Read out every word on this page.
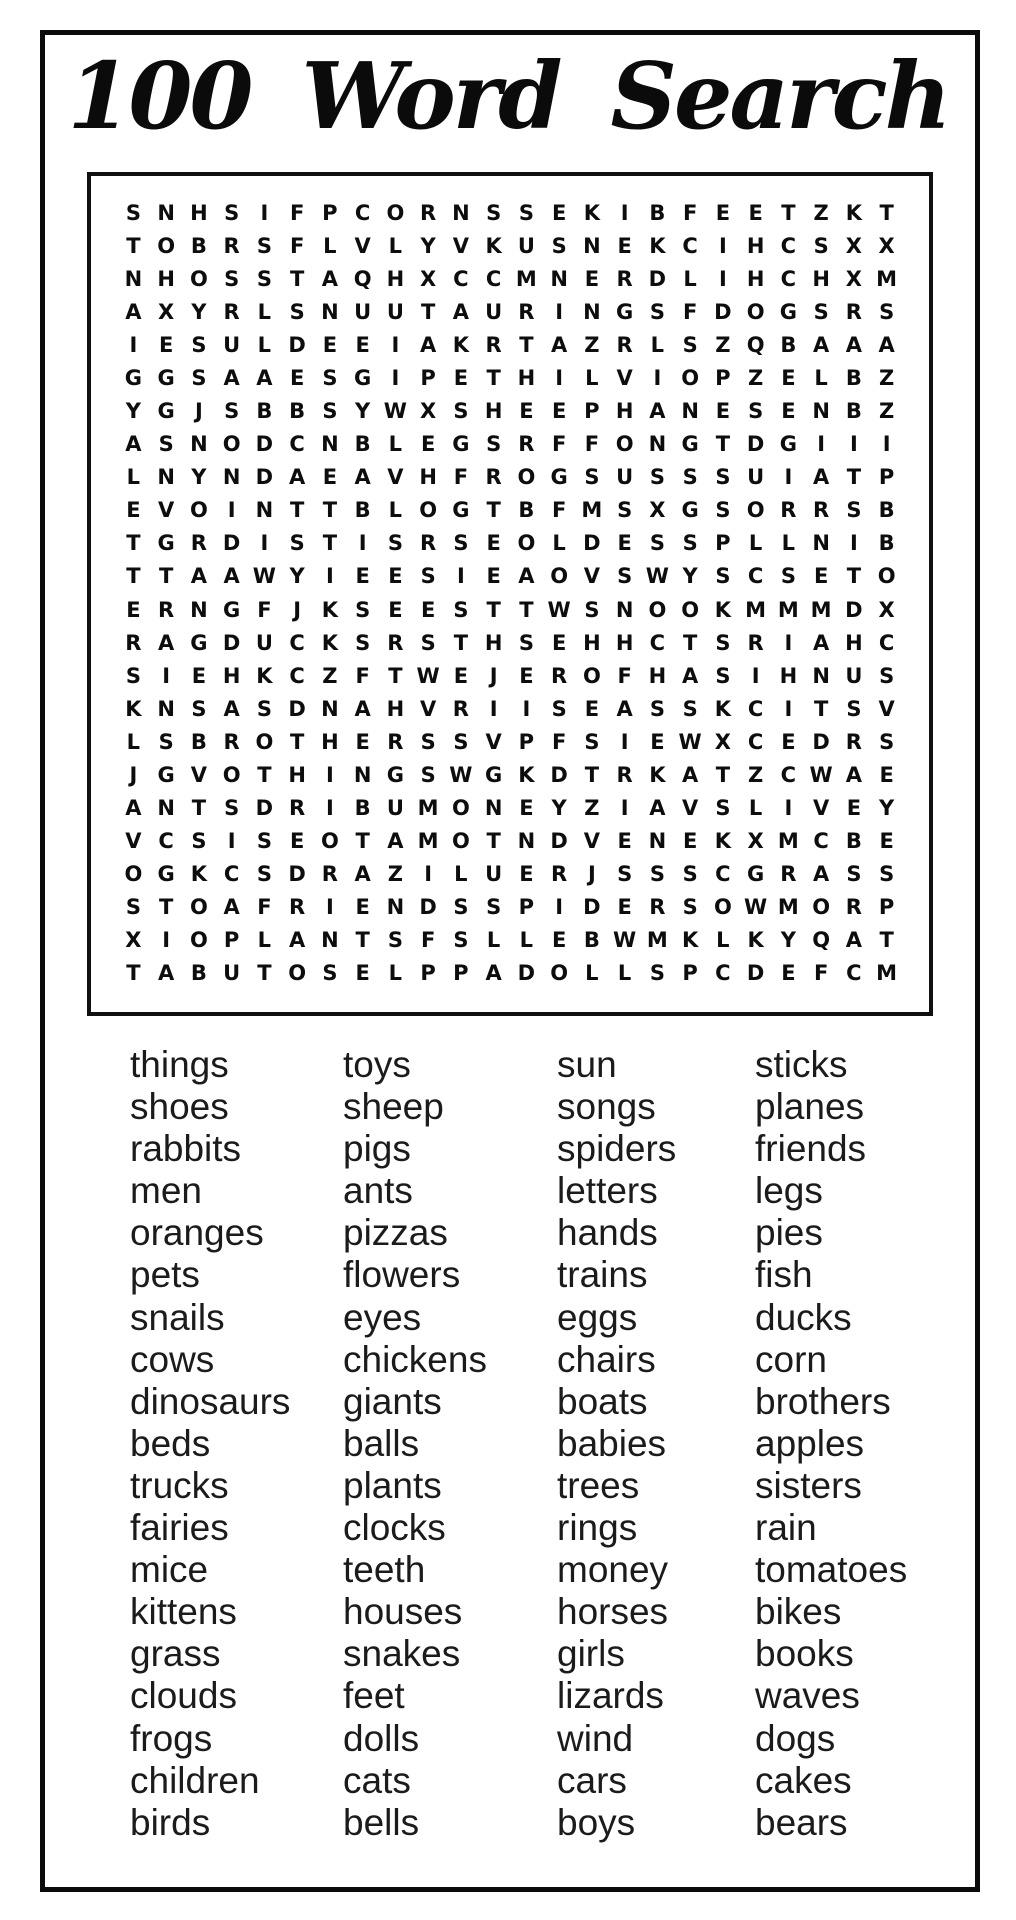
100 Word Search
S N H S	I	F P C O R N S S E K I B F E E T Z K T
T O B R S F L V L Y V K U S N E K C	I H C S X X
N H O S S T A Q H X C C M N E R D L	I H C H X M
A X Y R L S N U U T A U R I N G S F D O G S R S
I	E S U L D E E	I A K R T A Z R L S Z Q B A A A
G G S A A E S G I	P E T H I	L V I O P Z E L B Z
Y G J	S B B S Y W X S H E E P H A N E S E N B Z
A S N O D C N B L E G S R F F O N G T D G I	I	I
L N Y N D A E A V H F R O G S U S S S U I A T P
E V O I N T T B L O G T B F M S X G S O R R S B
T G R D I	S T	I	S R S E O L D E S S P L L N I B
T T A A W Y	I	E E S	I	E A O V S W Y S C S E T O
E R N G F	J K S E E S T T W S N O O K M M M D X
R A G D U C K S R S T H S E H H C T S R I A H C
S	I	E H K C Z F T W E	J	E R O F H A S	I H N U S
K N S A S D N A H V R I	I	S E A S S K C	I	T S V
L S B R O T H E R S S V P F S	I	E W X C E D R S
J G V O T H I N G S W G K D T R K A T Z C W A E
A N T S D R I B U M O N E Y Z	I A V S L	I V E Y
V C S	I	S E O T A M O T N D V E N E K X M C B E
O G K C S D R A Z	I	L U E R J	S S S C G R A S S
S T O A F R I	E N D S S P	I D E R S O W M O R P
X I O P L A N T S F S L L E B W M K L K Y Q A T
T A B U T O S E L P P A D O L L S P C D E F C M
things
shoes
rabbits
men
oranges
pets
snails
cows
dinosaurs
beds
trucks
fairies
mice
kittens
grass
clouds
frogs
children
birds
toys
sheep
pigs
ants
pizzas
flowers
eyes
chickens
giants
balls
plants
clocks
teeth
houses
snakes
feet
dolls
cats
bells
sun
songs
spiders
letters
hands
trains
eggs
chairs
boats
babies
trees
rings
money
horses
girls
lizards
wind
cars
boys
sticks
planes
friends
legs
pies
fish
ducks
corn
brothers
apples
sisters
rain
tomatoes
bikes
books
waves
dogs
cakes
bears
